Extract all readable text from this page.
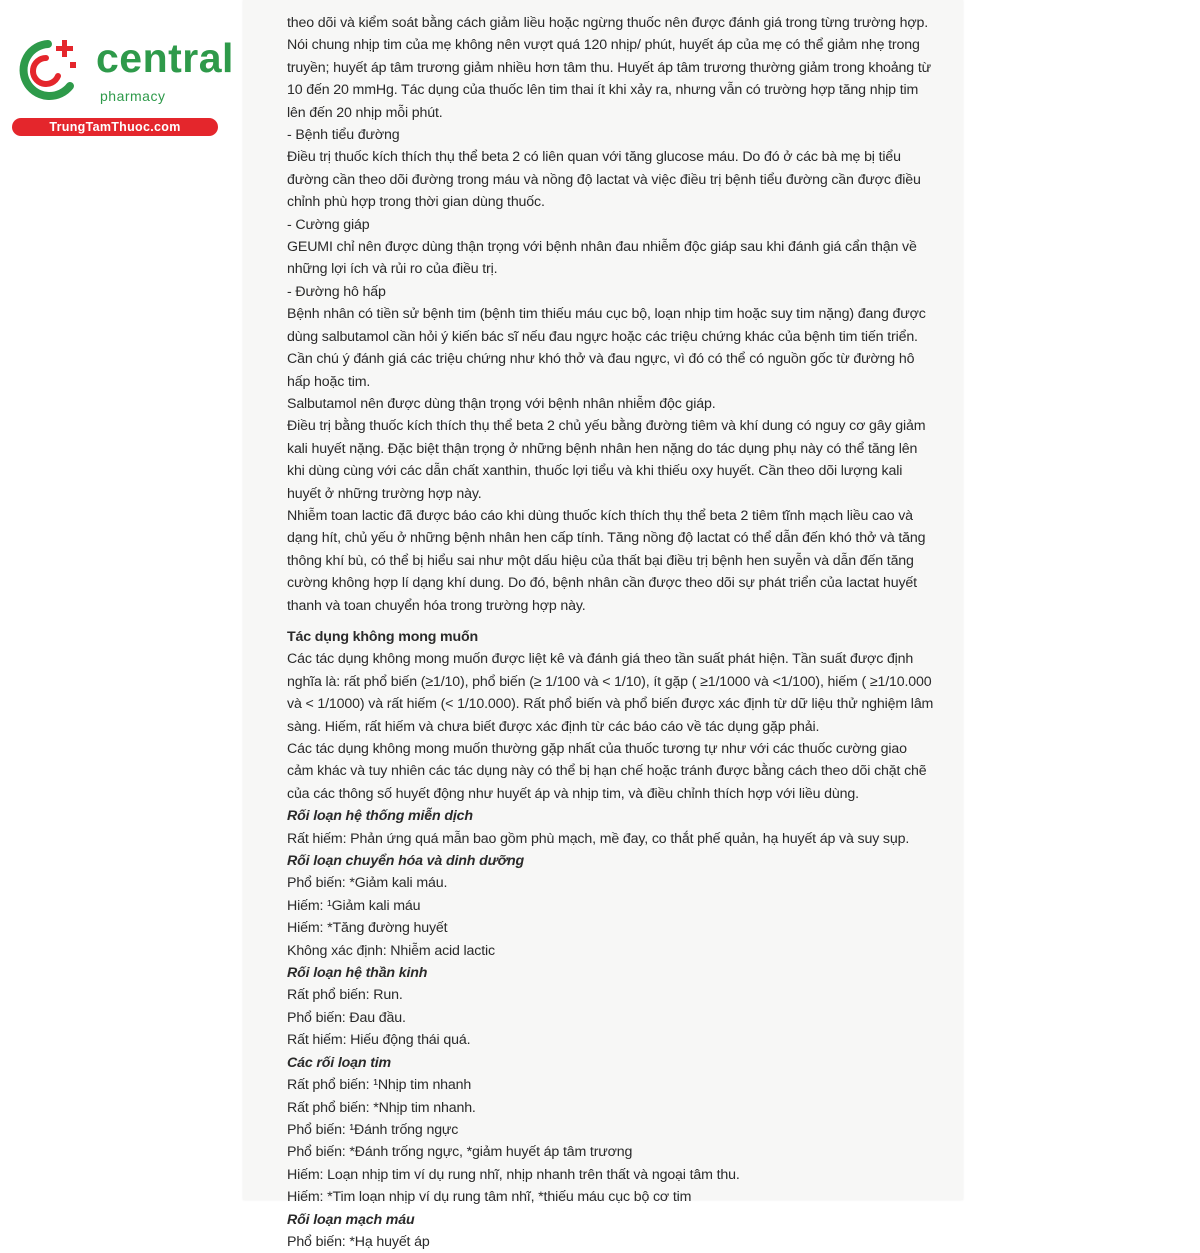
central
pharmacy
TrungTamThuoc.com

theo dõi và kiểm soát bằng cách giảm liều hoặc ngừng thuốc nên được đánh giá trong từng trường hợp. Nói chung nhịp tim của mẹ không nên vượt quá 120 nhịp/ phút, huyết áp của mẹ có thể giảm nhẹ trong truyền; huyết áp tâm trương giảm nhiều hơn tâm thu. Huyết áp tâm trương thường giảm trong khoảng từ 10 đến 20 mmHg. Tác dụng của thuốc lên tim thai ít khi xảy ra, nhưng vẫn có trường hợp tăng nhịp tim lên đến 20 nhịp mỗi phút.

- Bệnh tiểu đường

Điều trị thuốc kích thích thụ thể beta 2 có liên quan với tăng glucose máu. Do đó ở các bà mẹ bị tiểu đường cần theo dõi đường trong máu và nồng độ lactat và việc điều trị bệnh tiểu đường cần được điều chỉnh phù hợp trong thời gian dùng thuốc.

- Cường giáp

GEUMI chỉ nên được dùng thận trọng với bệnh nhân đau nhiễm độc giáp sau khi đánh giá cẩn thận về những lợi ích và rủi ro của điều trị.

- Đường hô hấp

Bệnh nhân có tiền sử bệnh tim (bệnh tim thiếu máu cục bộ, loạn nhịp tim hoặc suy tim nặng) đang được dùng salbutamol cần hỏi ý kiến bác sĩ nếu đau ngực hoặc các triệu chứng khác của bệnh tim tiến triển. Cần chú ý đánh giá các triệu chứng như khó thở và đau ngực, vì đó có thể có nguồn gốc từ đường hô hấp hoặc tim.

Salbutamol nên được dùng thận trọng với bệnh nhân nhiễm độc giáp.

Điều trị bằng thuốc kích thích thụ thể beta 2 chủ yếu bằng đường tiêm và khí dung có nguy cơ gây giảm kali huyết nặng. Đặc biệt thận trọng ở những bệnh nhân hen nặng do tác dụng phụ này có thể tăng lên khi dùng cùng với các dẫn chất xanthin, thuốc lợi tiểu và khi thiếu oxy huyết. Cần theo dõi lượng kali huyết ở những trường hợp này.

Nhiễm toan lactic đã được báo cáo khi dùng thuốc kích thích thụ thể beta 2 tiêm tĩnh mạch liều cao và dạng hít, chủ yếu ở những bệnh nhân hen cấp tính. Tăng nồng độ lactat có thể dẫn đến khó thở và tăng thông khí bù, có thể bị hiểu sai như một dấu hiệu của thất bại điều trị bệnh hen suyễn và dẫn đến tăng cường không hợp lí dạng khí dung. Do đó, bệnh nhân cần được theo dõi sự phát triển của lactat huyết thanh và toan chuyển hóa trong trường hợp này.

Tác dụng không mong muốn

Các tác dụng không mong muốn được liệt kê và đánh giá theo tần suất phát hiện. Tần suất được định nghĩa là: rất phổ biến (≥1/10), phổ biến (≥ 1/100 và < 1/10), ít gặp ( ≥1/1000 và <1/100), hiếm ( ≥1/10.000 và < 1/1000) và rất hiếm (< 1/10.000). Rất phổ biến và phổ biến được xác định từ dữ liệu thử nghiệm lâm sàng. Hiếm, rất hiếm và chưa biết được xác định từ các báo cáo về tác dụng gặp phải.

Các tác dụng không mong muốn thường gặp nhất của thuốc tương tự như với các thuốc cường giao cảm khác và tuy nhiên các tác dụng này có thể bị hạn chế hoặc tránh được bằng cách theo dõi chặt chẽ của các thông số huyết động như huyết áp và nhịp tim, và điều chỉnh thích hợp với liều dùng.

Rối loạn hệ thống miễn dịch

Rất hiếm: Phản ứng quá mẫn bao gồm phù mạch, mề đay, co thắt phế quản, hạ huyết áp và suy sụp.

Rối loạn chuyển hóa và dinh dưỡng

Phổ biến: *Giảm kali máu.

Hiếm: ¹Giảm kali máu

Hiếm: *Tăng đường huyết

Không xác định: Nhiễm acid lactic

Rối loạn hệ thần kinh

Rất phổ biến: Run.

Phổ biến: Đau đầu.

Rất hiếm: Hiếu động thái quá.

Các rối loạn tim

Rất phổ biến: ¹Nhịp tim nhanh

Rất phổ biến: *Nhịp tim nhanh.

Phổ biến: ¹Đánh trống ngực

Phổ biến: *Đánh trống ngực, *giảm huyết áp tâm trương

Hiếm: Loạn nhịp tim ví dụ rung nhĩ, nhịp nhanh trên thất và ngoại tâm thu.

Hiếm: *Tim loạn nhịp ví dụ rung tâm nhĩ, *thiếu máu cục bộ cơ tim

Rối loạn mạch máu

Phổ biến: *Hạ huyết áp
